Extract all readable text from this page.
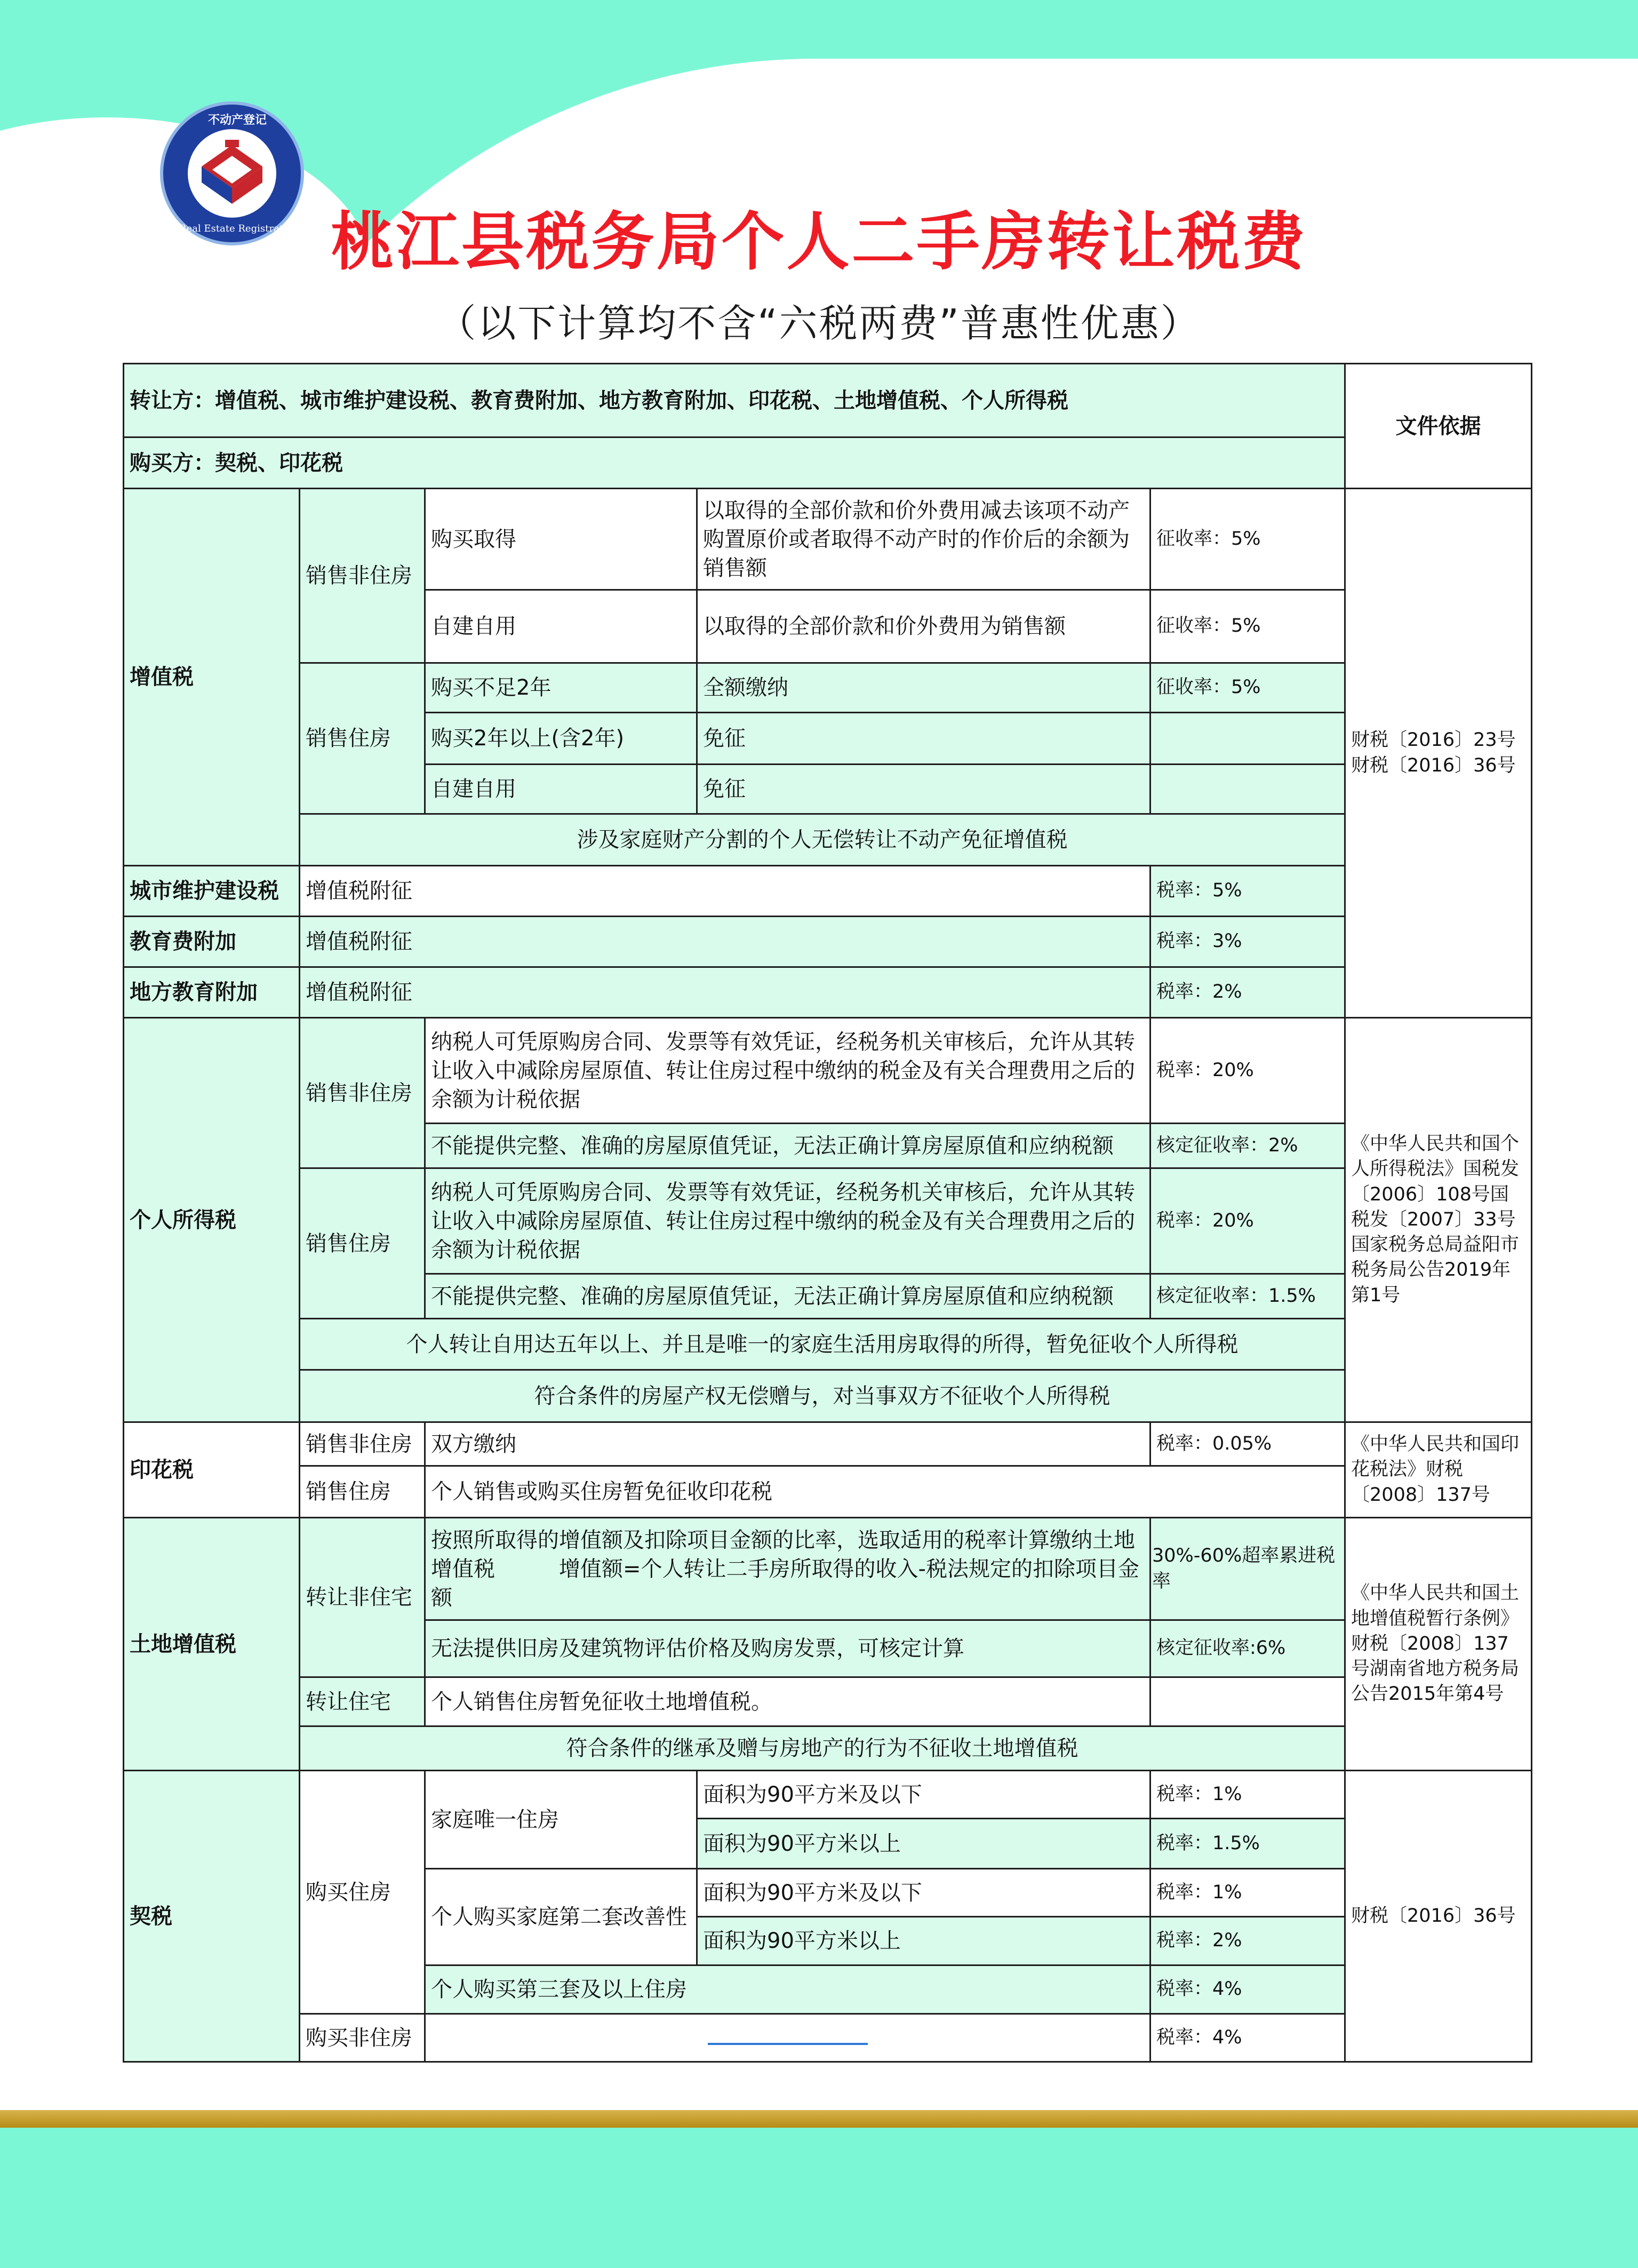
不动产登记
Real Estate Registration 桃江县税务局个人二手房转让税费
（以下计算均不含“六税两费”普惠性优惠）
转让方：增值税、城市维护建设税、教育费附加、地方教育附加、印花税、土地增值税、个人所得税					文件依据
购买方：契税、印花税					
增值税	销售非住房	购买取得	以取得的全部价款和价外费用减去该项不动产购置原价或者取得不动产时的作价后的余额为销售额	征收率：5%	财税〔2016〕23号财税〔2016〕36号
		自建自用	以取得的全部价款和价外费用为销售额	征收率：5%	
	销售住房	购买不足2年	全额缴纳	征收率：5%	
		购买2年以上(含2年)	免征		
		自建自用	免征		
	涉及家庭财产分割的个人无偿转让不动产免征增值税				
城市维护建设税	增值税附征			税率：5%	
教育费附加	增值税附征			税率：3%	
地方教育附加	增值税附征			税率：2%	
个人所得税	销售非住房	纳税人可凭原购房合同、发票等有效凭证，经税务机关审核后，允许从其转让收入中减除房屋原值、转让住房过程中缴纳的税金及有关合理费用之后的余额为计税依据		税率：20%	《中华人民共和国个人所得税法》国税发〔2006〕108号国税发〔2007〕33号国家税务总局益阳市税务局公告2019年第1号
		不能提供完整、准确的房屋原值凭证，无法正确计算房屋原值和应纳税额		核定征收率：2%	
	销售住房	纳税人可凭原购房合同、发票等有效凭证，经税务机关审核后，允许从其转让收入中减除房屋原值、转让住房过程中缴纳的税金及有关合理费用之后的余额为计税依据		税率：20%	
		不能提供完整、准确的房屋原值凭证，无法正确计算房屋原值和应纳税额		核定征收率：1.5%	
	个人转让自用达五年以上、并且是唯一的家庭生活用房取得的所得，暂免征收个人所得税				
	符合条件的房屋产权无偿赠与，对当事双方不征收个人所得税				
印花税	销售非住房	双方缴纳		税率：0.05%	《中华人民共和国印花税法》财税〔2008〕137号
	销售住房	个人销售或购买住房暂免征收印花税			
土地增值税	转让非住宅	按照所取得的增值额及扣除项目金额的比率，选取适用的税率计算缴纳土地增值税　　　增值额=个人转让二手房所取得的收入-税法规定的扣除项目金额		30%-60%超率累进税率	《中华人民共和国土地增值税暂行条例》财税〔2008〕137号湖南省地方税务局公告2015年第4号
		无法提供旧房及建筑物评估价格及购房发票，可核定计算		核定征收率:6%	
	转让住宅	个人销售住房暂免征收土地增值税。			
	符合条件的继承及赠与房地产的行为不征收土地增值税				
契税	购买住房	家庭唯一住房	面积为90平方米及以下	税率：1%	财税〔2016〕36号
			面积为90平方米以上	税率：1.5%	
		个人购买家庭第二套改善性	面积为90平方米及以下	税率：1%	
			面积为90平方米以上	税率：2%	
		个人购买第三套及以上住房		税率：4%	
	购买非住房			税率：4%	
